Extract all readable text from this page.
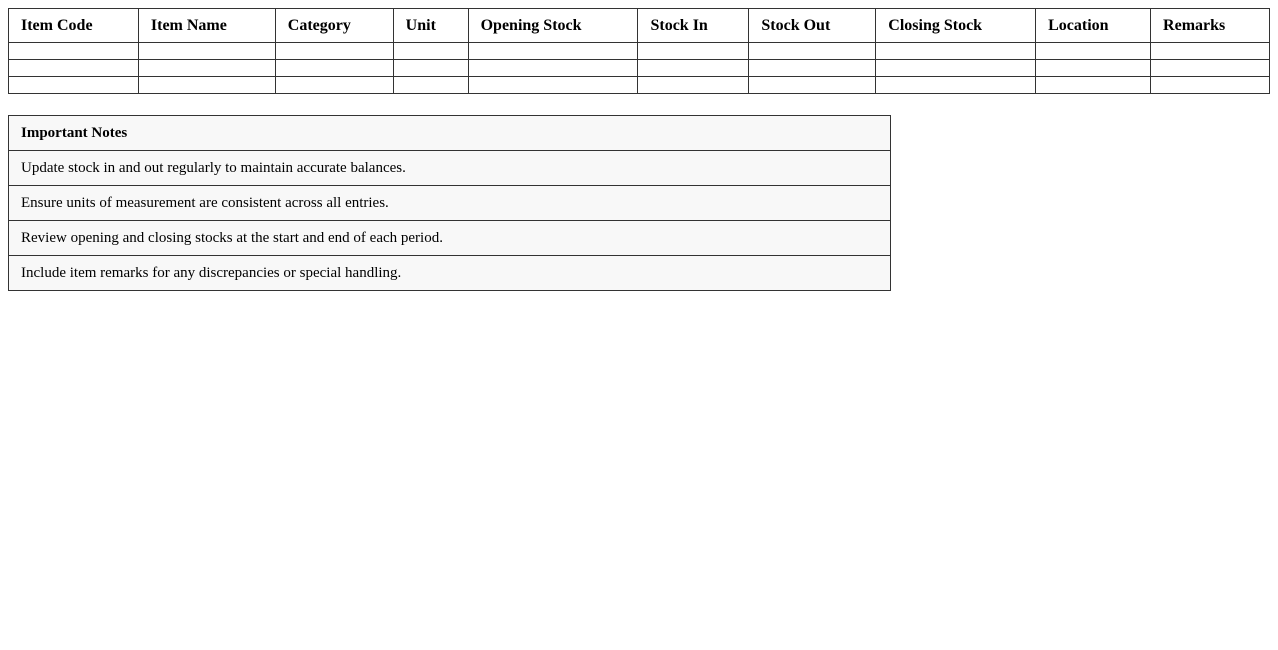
Item Code	Item Name	Category	Unit	Opening Stock	Stock In	Stock Out	Closing Stock	Location	Remarks

Important Notes
Update stock in and out regularly to maintain accurate balances.
Ensure units of measurement are consistent across all entries.
Review opening and closing stocks at the start and end of each period.
Include item remarks for any discrepancies or special handling.
